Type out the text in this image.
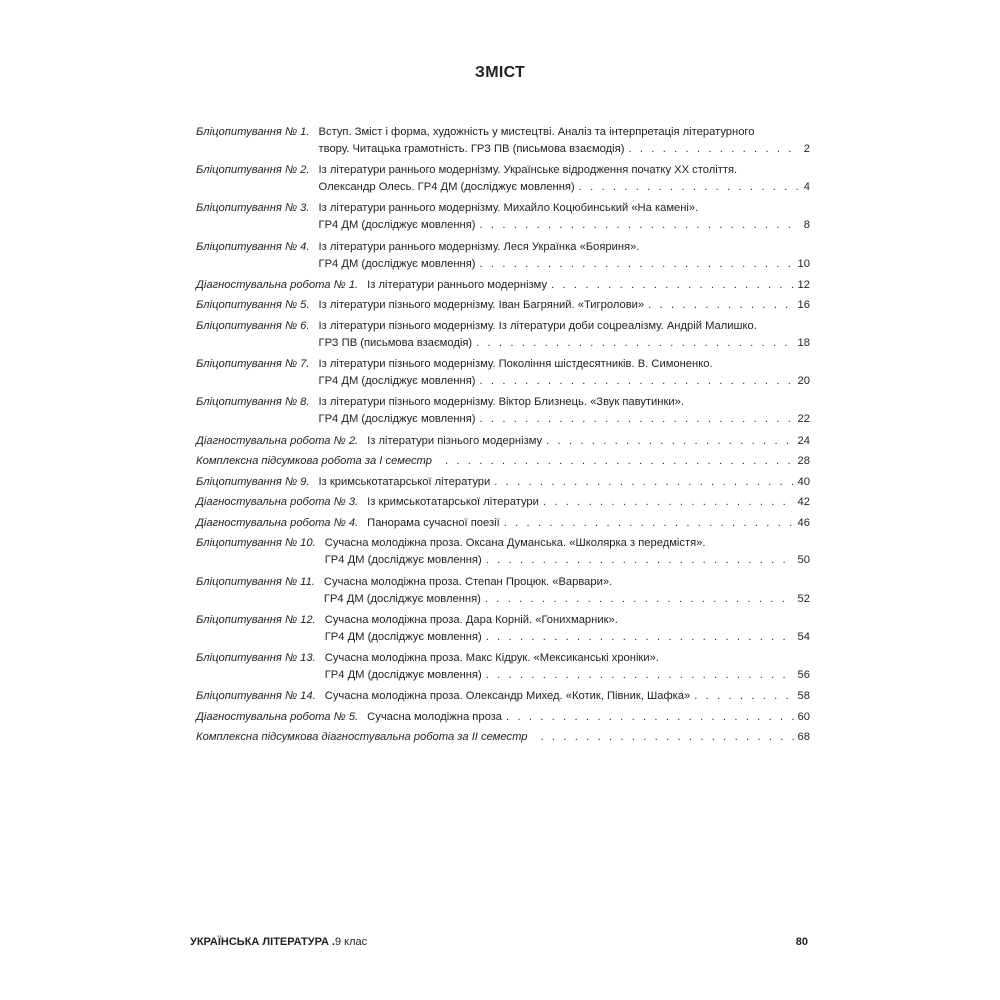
ЗМІСТ
Бліцопитування № 1. Вступ. Зміст і форма, художність у мистецтві. Аналіз та інтерпретація літературного
твору. Читацька грамотність. ГРЗ ПВ (письмова взаємодія) . . .	2
Бліцопитування № 2. Із літератури раннього модернізму. Українське відродження початку ХХ століття.
Олександр Олесь. ГР4 ДМ (досліджує мовлення) . . .	4
Бліцопитування № 3. Із літератури раннього модернізму. Михайло Коцюбинський «На камені».
ГР4 ДМ (досліджує мовлення) . . .	8
Бліцопитування № 4. Із літератури раннього модернізму. Леся Українка «Бояриня».
ГР4 ДМ (досліджує мовлення) . . .	10
Діагностувальна робота № 1. Із літератури раннього модернізму . . .	12
Бліцопитування № 5. Із літератури пізнього модернізму. Іван Багряний. «Тигролови» . . .	16
Бліцопитування № 6. Із літератури пізнього модернізму. Із літератури доби соцреалізму. Андрій Малишко.
ГРЗ ПВ (письмова взаємодія) . . .	18
Бліцопитування № 7. Із літератури пізнього модернізму. Покоління шістдесятників. В. Симоненко.
ГР4 ДМ (досліджує мовлення) . . .	20
Бліцопитування № 8. Із літератури пізнього модернізму. Віктор Близнець. «Звук павутинки».
ГР4 ДМ (досліджує мовлення) . . .	22
Діагностувальна робота № 2. Із літератури пізнього модернізму . . .	24
Комплексна підсумкова робота за І семестр . . .	28
Бліцопитування № 9. Із кримськотатарської літератури . . .	40
Діагностувальна робота № 3. Із кримськотатарської літератури . . .	42
Діагностувальна робота № 4. Панорама сучасної поезії . . .	46
Бліцопитування № 10. Сучасна молодіжна проза. Оксана Думанська. «Школярка з передмістя».
ГР4 ДМ (досліджує мовлення) . . .	50
Бліцопитування № 11. Сучасна молодіжна проза. Степан Процюк. «Варвари».
ГР4 ДМ (досліджує мовлення) . . .	52
Бліцопитування № 12. Сучасна молодіжна проза. Дара Корній. «Гонихмарник».
ГР4 ДМ (досліджує мовлення) . . .	54
Бліцопитування № 13. Сучасна молодіжна проза. Макс Кідрук. «Мексиканські хроніки».
ГР4 ДМ (досліджує мовлення) . . .	56
Бліцопитування № 14. Сучасна молодіжна проза. Олександр Михед. «Котик, Півник, Шафка» . . .	58
Діагностувальна робота № 5. Сучасна молодіжна проза . . .	60
Комплексна підсумкова діагностувальна робота за ІІ семестр . . .	68
УКРАЇНСЬКА ЛІТЕРАТУРА .9 клас	80
